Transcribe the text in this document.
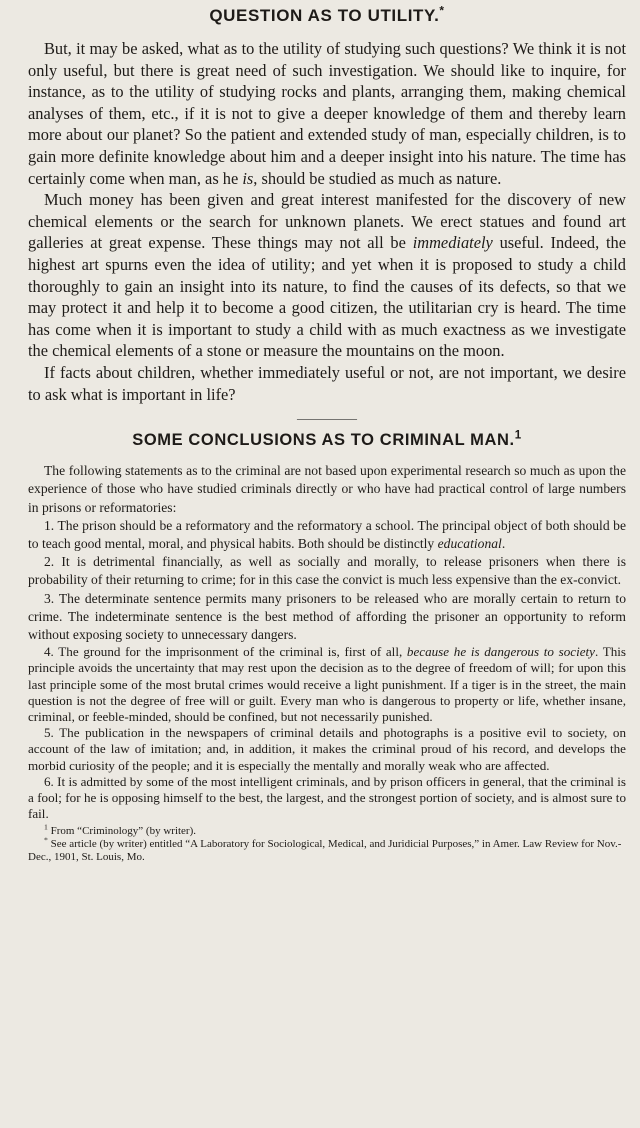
QUESTION AS TO UTILITY.*

But, it may be asked, what as to the utility of studying such questions? We think it is not only useful, but there is great need of such investigation. We should like to inquire, for instance, as to the utility of studying rocks and plants, arranging them, making chemical analyses of them, etc., if it is not to give a deeper knowledge of them and thereby learn more about our planet? So the patient and extended study of man, especially children, is to gain more definite knowledge about him and a deeper insight into his nature. The time has certainly come when man, as he is, should be studied as much as nature.

Much money has been given and great interest manifested for the discovery of new chemical elements or the search for unknown planets. We erect statues and found art galleries at great expense. These things may not all be immediately useful. Indeed, the highest art spurns even the idea of utility; and yet when it is proposed to study a child thoroughly to gain an insight into its nature, to find the causes of its defects, so that we may protect it and help it to become a good citizen, the utilitarian cry is heard. The time has come when it is important to study a child with as much exactness as we investigate the chemical elements of a stone or measure the mountains on the moon.

If facts about children, whether immediately useful or not, are not important, we desire to ask what is important in life?

—————
SOME CONCLUSIONS AS TO CRIMINAL MAN.$^1$

The following statements as to the criminal are not based upon experimental research so much as upon the experience of those who have studied criminals directly or who have had practical control of large numbers in prisons or reformatories:

1. The prison should be a reformatory and the reformatory a school. The principal object of both should be to teach good mental, moral, and physical habits. Both should be distinctly educational.

2. It is detrimental financially, as well as socially and morally, to release prisoners when there is probability of their returning to crime; for in this case the convict is much less expensive than the ex-convict.

3. The determinate sentence permits many prisoners to be released who are morally certain to return to crime. The indeterminate sentence is the best method of affording the prisoner an opportunity to reform without exposing society to unnecessary dangers.

4. The ground for the imprisonment of the criminal is, first of all, because he is dangerous to society. This principle avoids the uncertainty that may rest upon the decision as to the degree of freedom of will; for upon this last principle some of the most brutal crimes would receive a light punishment. If a tiger is in the street, the main question is not the degree of free will or guilt. Every man who is dangerous to property or life, whether insane, criminal, or feeble-minded, should be confined, but not necessarily punished.

5. The publication in the newspapers of criminal details and photographs is a positive evil to society, on account of the law of imitation; and, in addition, it makes the criminal proud of his record, and develops the morbid curiosity of the people; and it is especially the mentally and morally weak who are affected.

6. It is admitted by some of the most intelligent criminals, and by prison officers in general, that the criminal is a fool; for he is opposing himself to the best, the largest, and the strongest portion of society, and is almost sure to fail.

$^1$ From “Criminology” (by writer).

* See article (by writer) entitled “A Laboratory for Sociological, Medical, and Juridicial Purposes,” in Amer. Law Review for Nov.-Dec., 1901, St. Louis, Mo.
